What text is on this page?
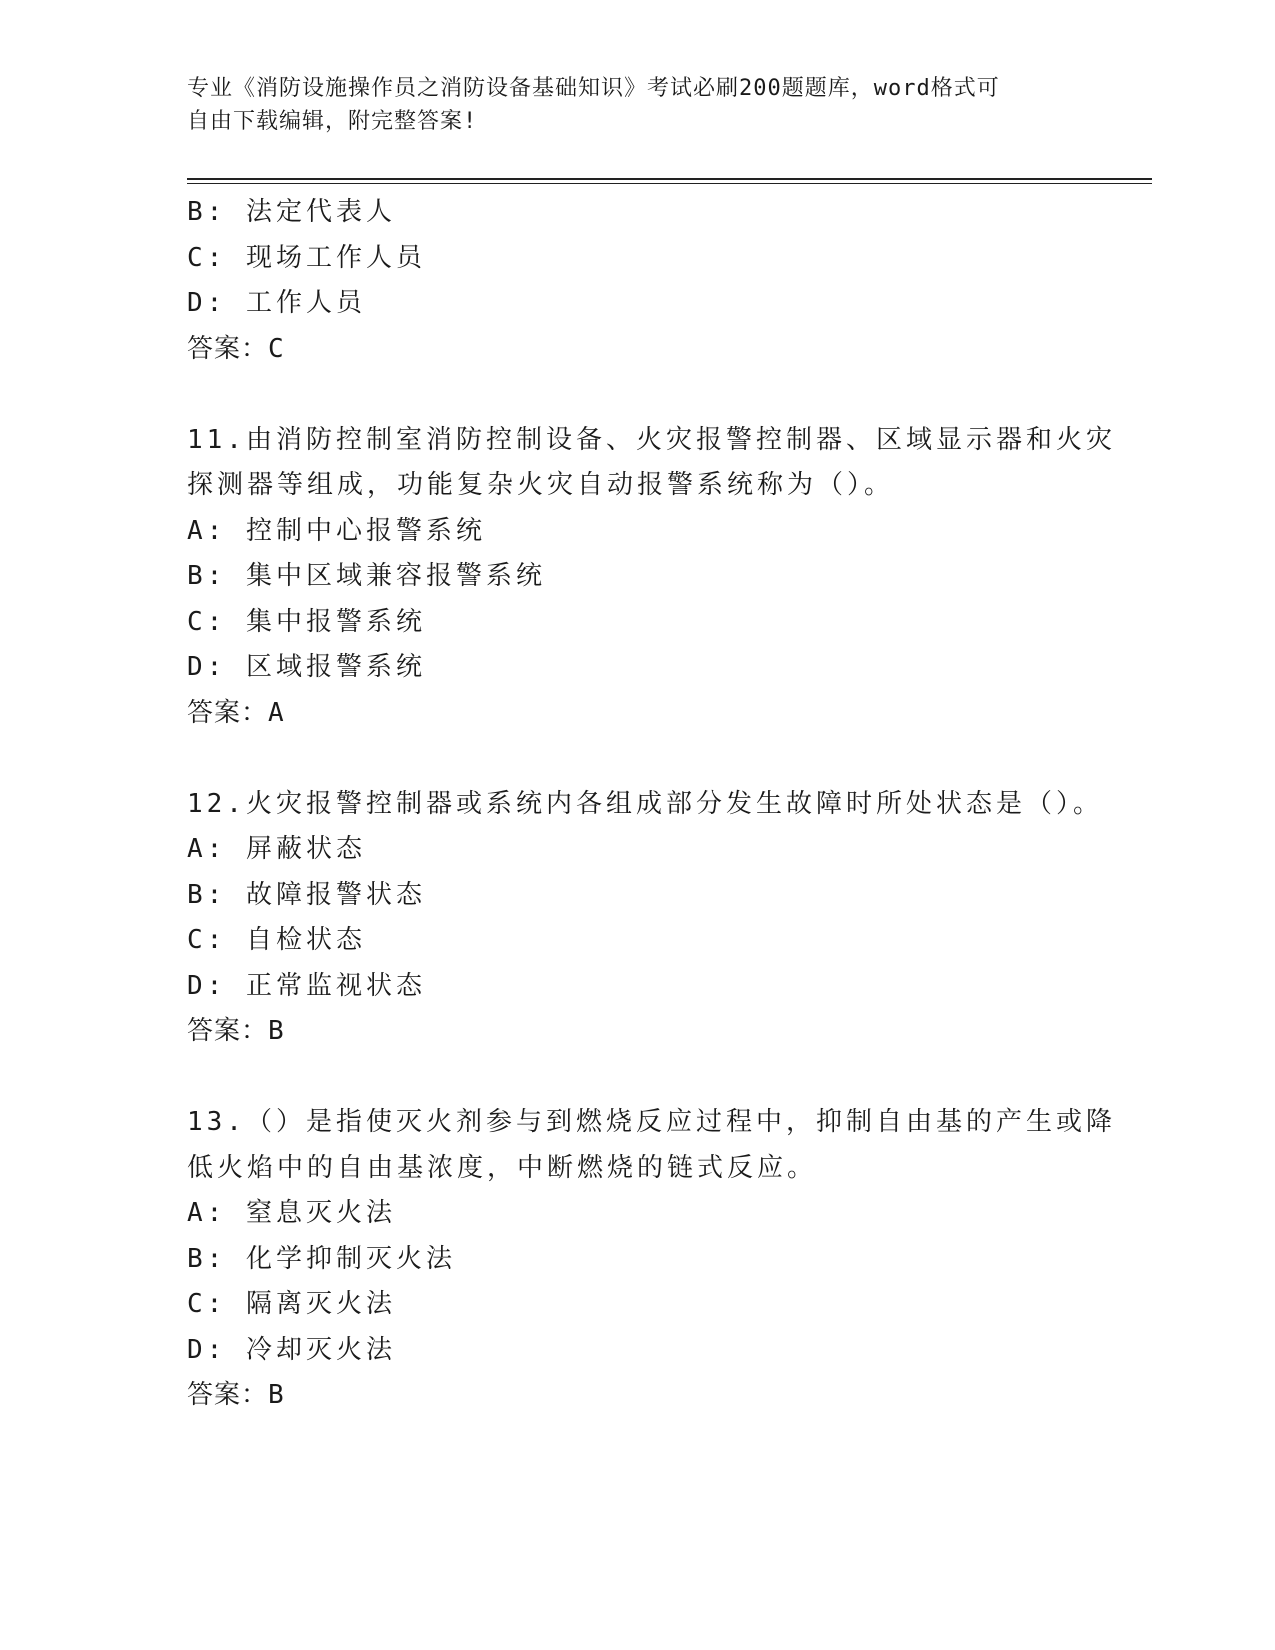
专业《消防设施操作员之消防设备基础知识》考试必刷200题题库，word格式可
自由下载编辑，附完整答案!
B: 法定代表人
C: 现场工作人员
D: 工作人员
答案：C
11.由消防控制室消防控制设备、火灾报警控制器、区域显示器和火灾
探测器等组成，功能复杂火灾自动报警系统称为（）。
A: 控制中心报警系统
B: 集中区域兼容报警系统
C: 集中报警系统
D: 区域报警系统
答案：A
12.火灾报警控制器或系统内各组成部分发生故障时所处状态是（）。
A: 屏蔽状态
B: 故障报警状态
C: 自检状态
D: 正常监视状态
答案：B
13.（）是指使灭火剂参与到燃烧反应过程中，抑制自由基的产生或降
低火焰中的自由基浓度，中断燃烧的链式反应。
A: 窒息灭火法
B: 化学抑制灭火法
C: 隔离灭火法
D: 冷却灭火法
答案：B
